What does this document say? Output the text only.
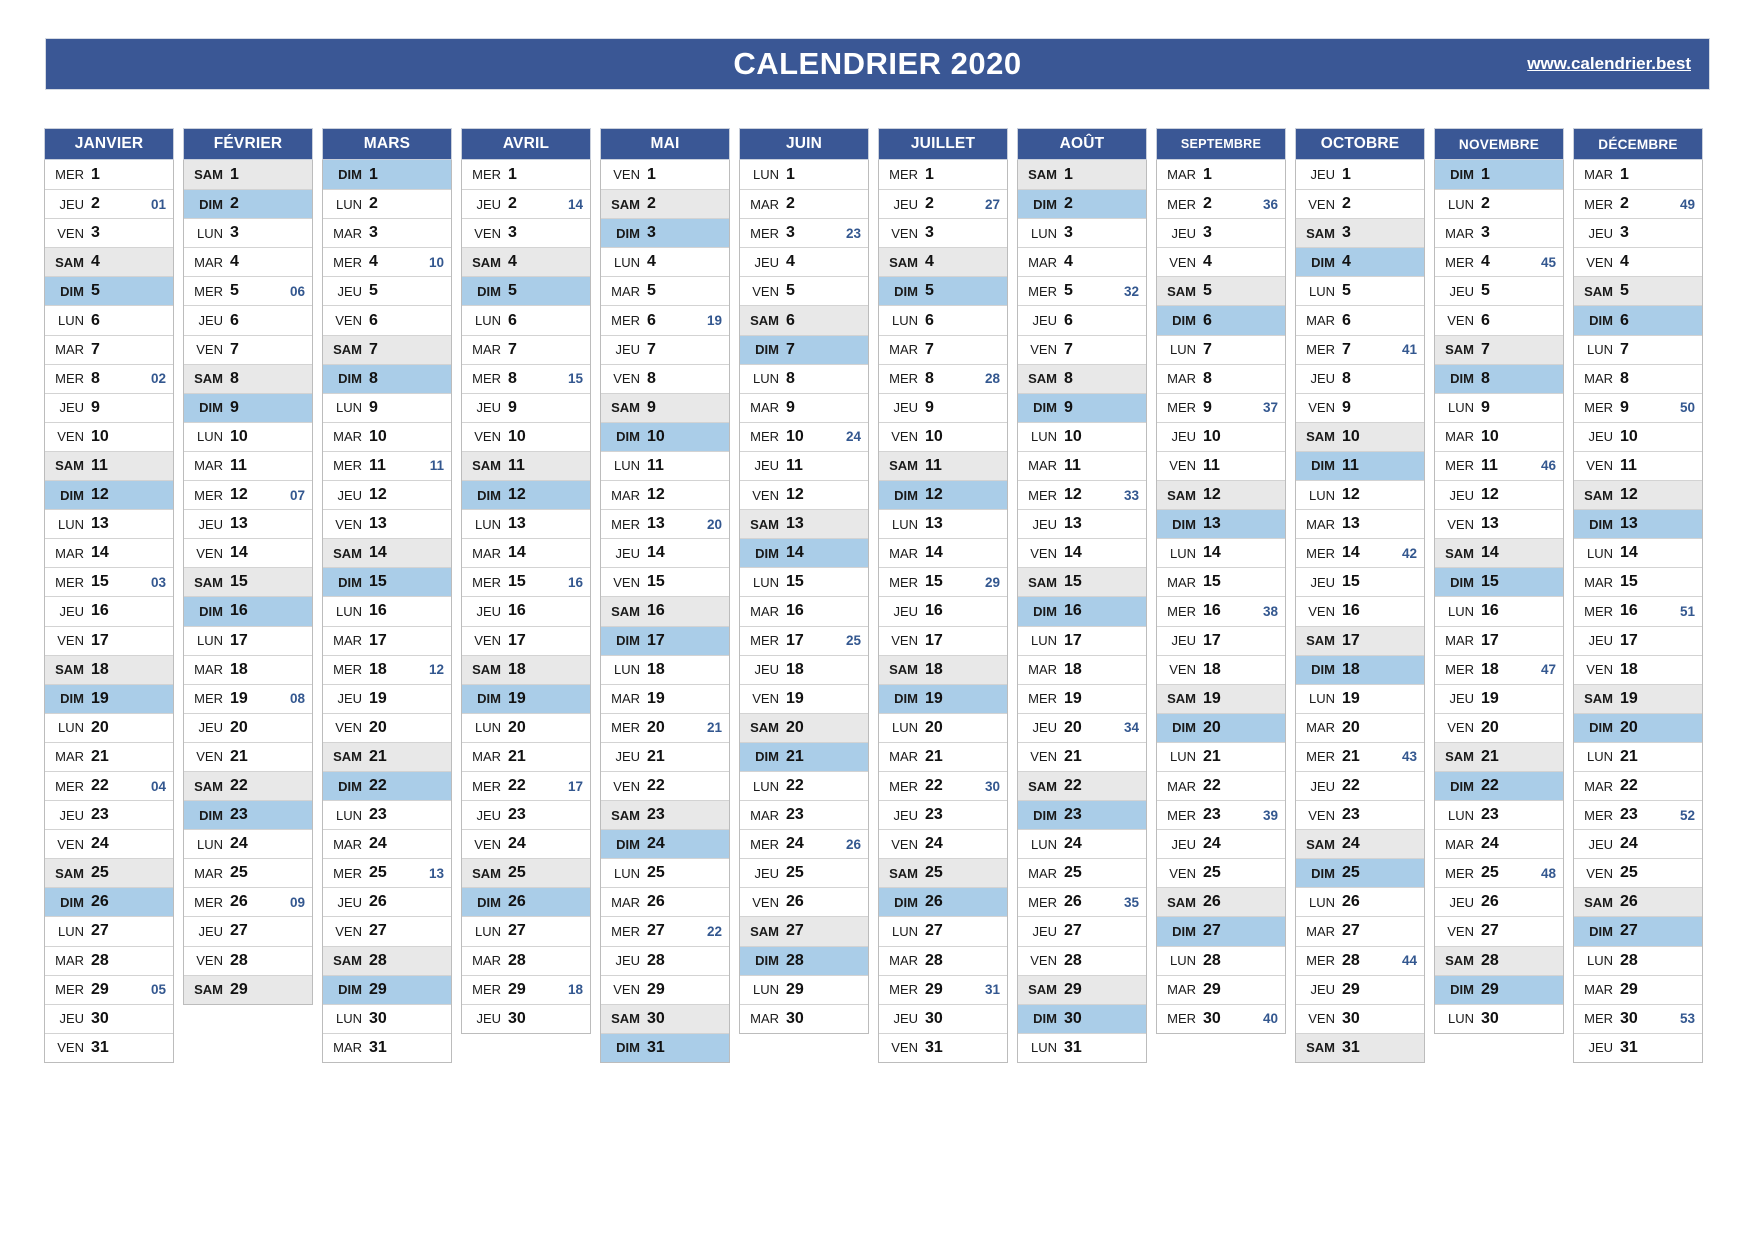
CALENDRIER 2020	www.calendrier.best
JANVIER
MER 1
JEU 2	01
VEN 3
SAM 4
DIM 5
LUN 6
MAR 7
MER 8	02
JEU 9
VEN 10
SAM 11
DIM 12
LUN 13
MAR 14
MER 15	03
JEU 16
VEN 17
SAM 18
DIM 19
LUN 20
MAR 21
MER 22	04
JEU 23
VEN 24
SAM 25
DIM 26
LUN 27
MAR 28
MER 29	05
JEU 30
VEN 31
FÉVRIER
SAM 1
DIM 2
LUN 3
MAR 4
MER 5	06
JEU 6
VEN 7
SAM 8
DIM 9
LUN 10
MAR 11
MER 12	07
JEU 13
VEN 14
SAM 15
DIM 16
LUN 17
MAR 18
MER 19	08
JEU 20
VEN 21
SAM 22
DIM 23
LUN 24
MAR 25
MER 26	09
JEU 27
VEN 28
SAM 29
MARS
DIM 1
LUN 2
MAR 3
MER 4	10
JEU 5
VEN 6
SAM 7
DIM 8
LUN 9
MAR 10
MER 11	11
JEU 12
VEN 13
SAM 14
DIM 15
LUN 16
MAR 17
MER 18	12
JEU 19
VEN 20
SAM 21
DIM 22
LUN 23
MAR 24
MER 25	13
JEU 26
VEN 27
SAM 28
DIM 29
LUN 30
MAR 31
AVRIL
MER 1
JEU 2	14
VEN 3
SAM 4
DIM 5
LUN 6
MAR 7
MER 8	15
JEU 9
VEN 10
SAM 11
DIM 12
LUN 13
MAR 14
MER 15	16
JEU 16
VEN 17
SAM 18
DIM 19
LUN 20
MAR 21
MER 22	17
JEU 23
VEN 24
SAM 25
DIM 26
LUN 27
MAR 28
MER 29	18
JEU 30
MAI
VEN 1
SAM 2
DIM 3
LUN 4
MAR 5
MER 6	19
JEU 7
VEN 8
SAM 9
DIM 10
LUN 11
MAR 12
MER 13	20
JEU 14
VEN 15
SAM 16
DIM 17
LUN 18
MAR 19
MER 20	21
JEU 21
VEN 22
SAM 23
DIM 24
LUN 25
MAR 26
MER 27	22
JEU 28
VEN 29
SAM 30
DIM 31
JUIN
LUN 1
MAR 2
MER 3	23
JEU 4
VEN 5
SAM 6
DIM 7
LUN 8
MAR 9
MER 10	24
JEU 11
VEN 12
SAM 13
DIM 14
LUN 15
MAR 16
MER 17	25
JEU 18
VEN 19
SAM 20
DIM 21
LUN 22
MAR 23
MER 24	26
JEU 25
VEN 26
SAM 27
DIM 28
LUN 29
MAR 30
JUILLET
MER 1
JEU 2	27
VEN 3
SAM 4
DIM 5
LUN 6
MAR 7
MER 8	28
JEU 9
VEN 10
SAM 11
DIM 12
LUN 13
MAR 14
MER 15	29
JEU 16
VEN 17
SAM 18
DIM 19
LUN 20
MAR 21
MER 22	30
JEU 23
VEN 24
SAM 25
DIM 26
LUN 27
MAR 28
MER 29	31
JEU 30
VEN 31
AOÛT
SAM 1
DIM 2
LUN 3
MAR 4
MER 5	32
JEU 6
VEN 7
SAM 8
DIM 9
LUN 10
MAR 11
MER 12	33
JEU 13
VEN 14
SAM 15
DIM 16
LUN 17
MAR 18
MER 19
JEU 20	34
VEN 21
SAM 22
DIM 23
LUN 24
MAR 25
MER 26	35
JEU 27
VEN 28
SAM 29
DIM 30
LUN 31
SEPTEMBRE
MAR 1
MER 2	36
JEU 3
VEN 4
SAM 5
DIM 6
LUN 7
MAR 8
MER 9	37
JEU 10
VEN 11
SAM 12
DIM 13
LUN 14
MAR 15
MER 16	38
JEU 17
VEN 18
SAM 19
DIM 20
LUN 21
MAR 22
MER 23	39
JEU 24
VEN 25
SAM 26
DIM 27
LUN 28
MAR 29
MER 30	40
OCTOBRE
JEU 1
VEN 2
SAM 3
DIM 4
LUN 5
MAR 6
MER 7	41
JEU 8
VEN 9
SAM 10
DIM 11
LUN 12
MAR 13
MER 14	42
JEU 15
VEN 16
SAM 17
DIM 18
LUN 19
MAR 20
MER 21	43
JEU 22
VEN 23
SAM 24
DIM 25
LUN 26
MAR 27
MER 28	44
JEU 29
VEN 30
SAM 31
NOVEMBRE
DIM 1
LUN 2
MAR 3
MER 4	45
JEU 5
VEN 6
SAM 7
DIM 8
LUN 9
MAR 10
MER 11	46
JEU 12
VEN 13
SAM 14
DIM 15
LUN 16
MAR 17
MER 18	47
JEU 19
VEN 20
SAM 21
DIM 22
LUN 23
MAR 24
MER 25	48
JEU 26
VEN 27
SAM 28
DIM 29
LUN 30
DÉCEMBRE
MAR 1
MER 2	49
JEU 3
VEN 4
SAM 5
DIM 6
LUN 7
MAR 8
MER 9	50
JEU 10
VEN 11
SAM 12
DIM 13
LUN 14
MAR 15
MER 16	51
JEU 17
VEN 18
SAM 19
DIM 20
LUN 21
MAR 22
MER 23	52
JEU 24
VEN 25
SAM 26
DIM 27
LUN 28
MAR 29
MER 30	53
JEU 31
